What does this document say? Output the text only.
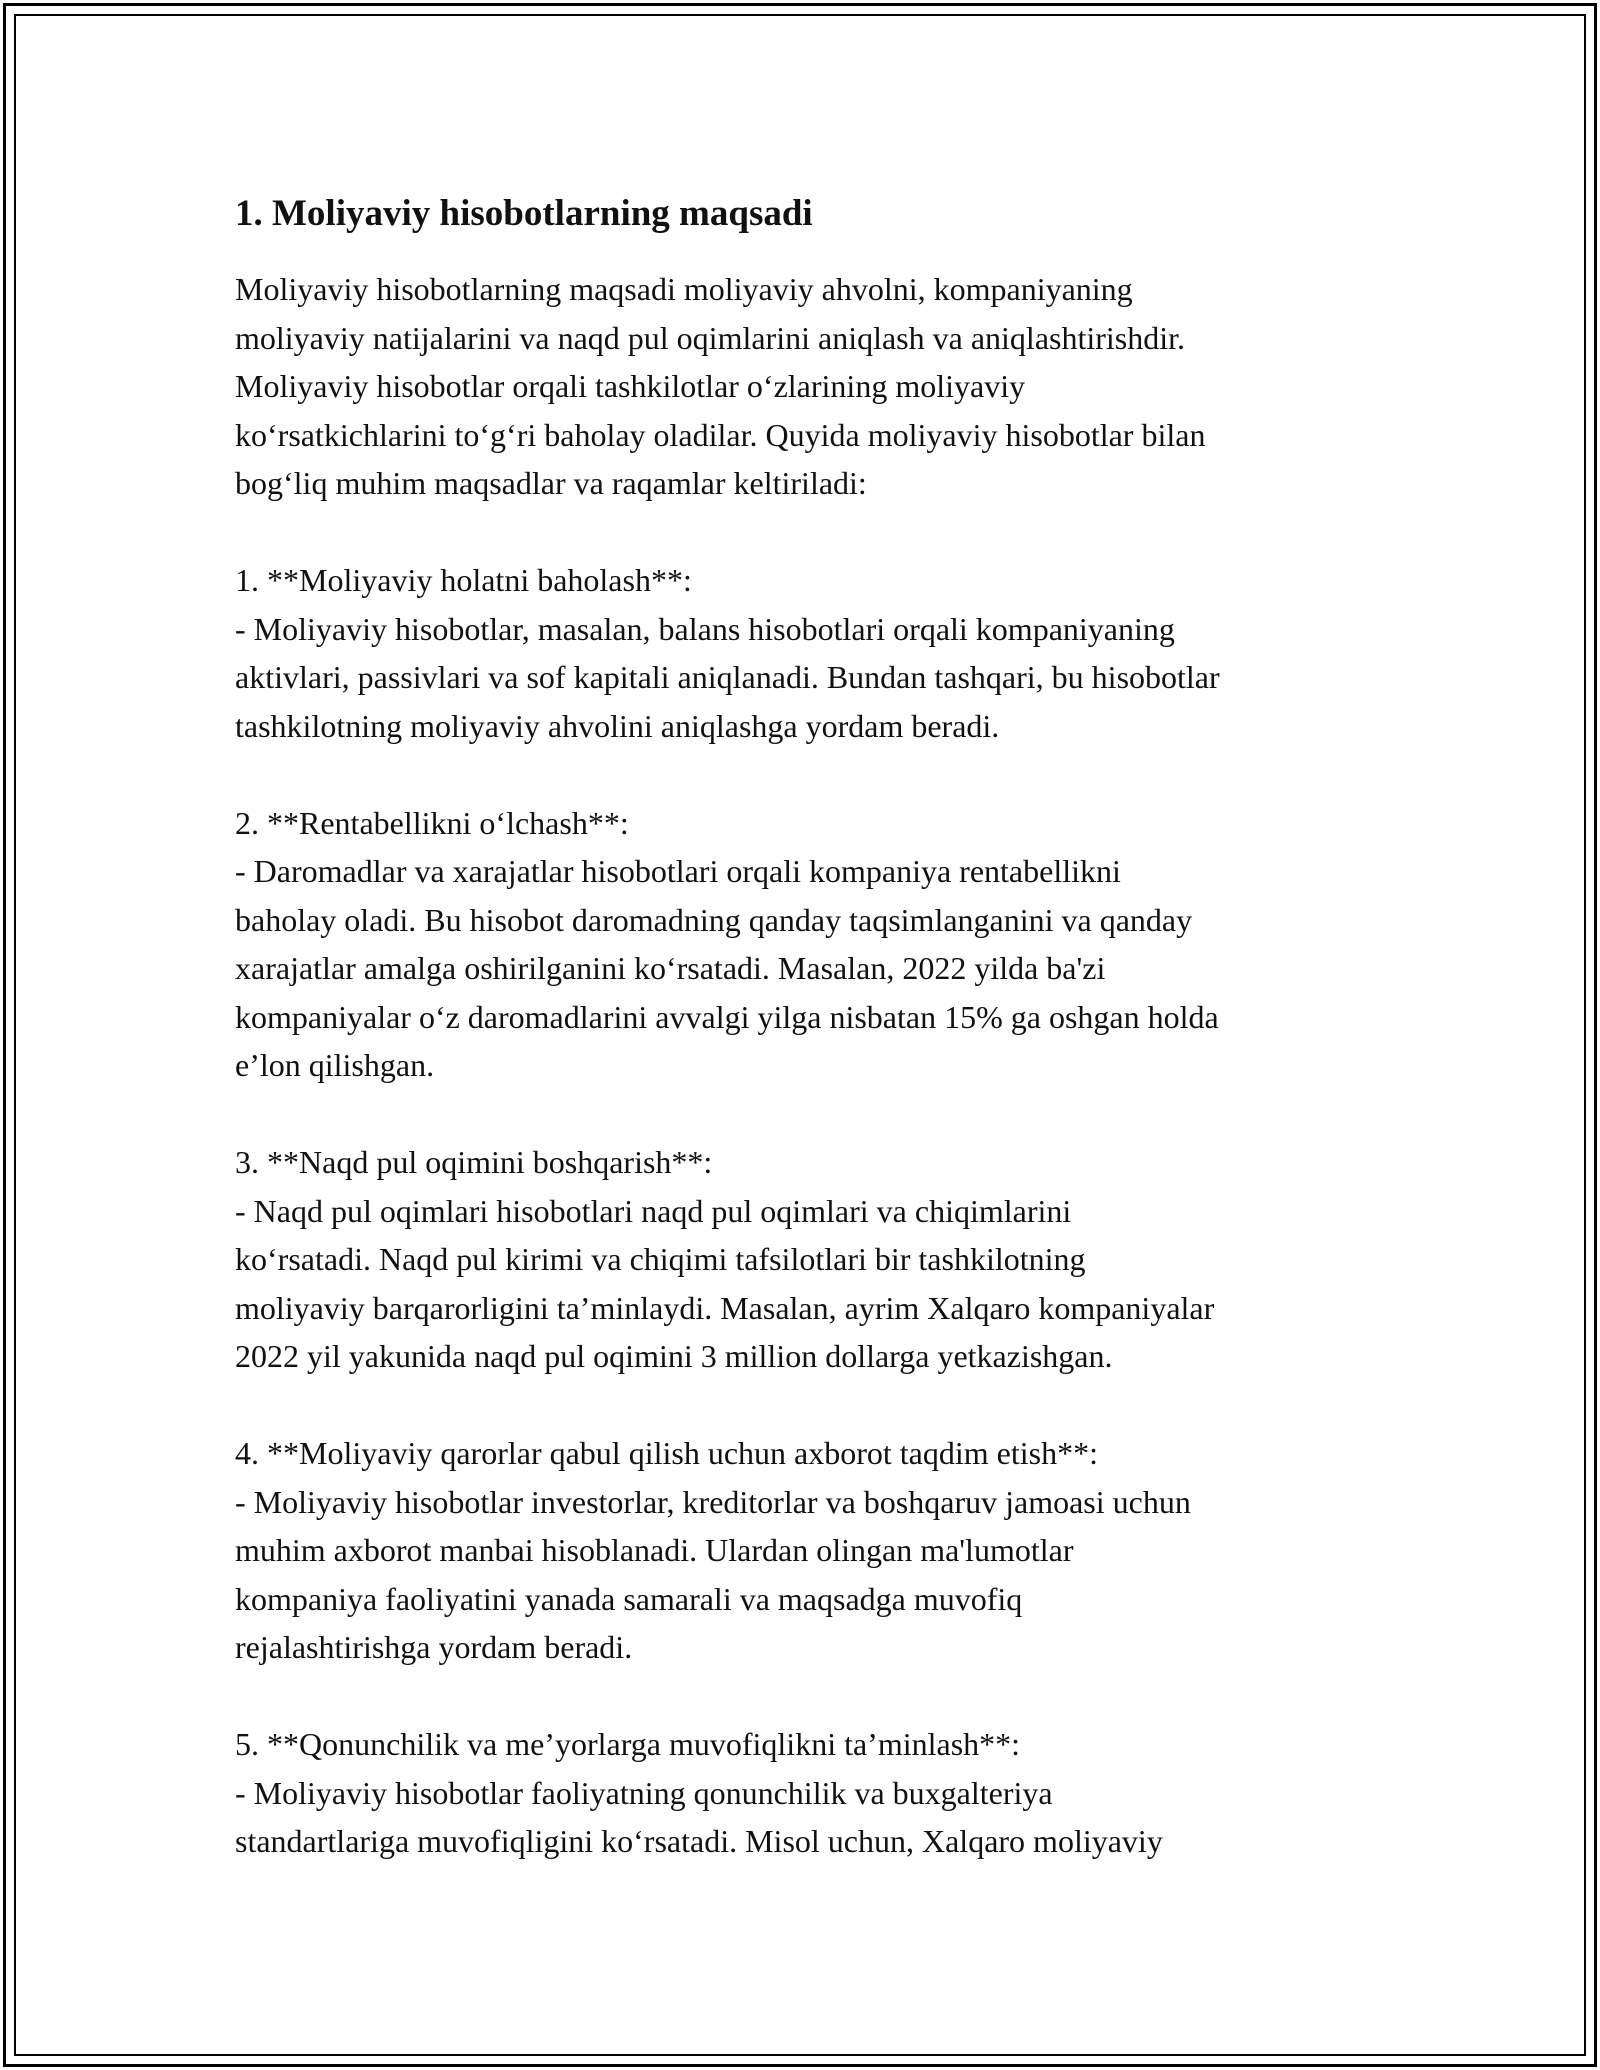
1. Moliyaviy hisobotlarning maqsadi

Moliyaviy hisobotlarning maqsadi moliyaviy ahvolni, kompaniyaning
moliyaviy natijalarini va naqd pul oqimlarini aniqlash va aniqlashtirishdir.
Moliyaviy hisobotlar orqali tashkilotlar o‘zlarining moliyaviy
ko‘rsatkichlarini to‘g‘ri baholay oladilar. Quyida moliyaviy hisobotlar bilan
bog‘liq muhim maqsadlar va raqamlar keltiriladi:

1. **Moliyaviy holatni baholash**:

- Moliyaviy hisobotlar, masalan, balans hisobotlari orqali kompaniyaning
aktivlari, passivlari va sof kapitali aniqlanadi. Bundan tashqari, bu hisobotlar
tashkilotning moliyaviy ahvolini aniqlashga yordam beradi.

2. **Rentabellikni o‘lchash**:

- Daromadlar va xarajatlar hisobotlari orqali kompaniya rentabellikni
baholay oladi. Bu hisobot daromadning qanday taqsimlanganini va qanday
xarajatlar amalga oshirilganini ko‘rsatadi. Masalan, 2022 yilda ba'zi
kompaniyalar o‘z daromadlarini avvalgi yilga nisbatan 15% ga oshgan holda
e’lon qilishgan.

3. **Naqd pul oqimini boshqarish**:

- Naqd pul oqimlari hisobotlari naqd pul oqimlari va chiqimlarini
ko‘rsatadi. Naqd pul kirimi va chiqimi tafsilotlari bir tashkilotning
moliyaviy barqarorligini ta’minlaydi. Masalan, ayrim Xalqaro kompaniyalar
2022 yil yakunida naqd pul oqimini 3 million dollarga yetkazishgan.

4. **Moliyaviy qarorlar qabul qilish uchun axborot taqdim etish**:

- Moliyaviy hisobotlar investorlar, kreditorlar va boshqaruv jamoasi uchun
muhim axborot manbai hisoblanadi. Ulardan olingan ma'lumotlar
kompaniya faoliyatini yanada samarali va maqsadga muvofiq
rejalashtirishga yordam beradi.

5. **Qonunchilik va me’yorlarga muvofiqlikni ta’minlash**:

- Moliyaviy hisobotlar faoliyatning qonunchilik va buxgalteriya
standartlariga muvofiqligini ko‘rsatadi. Misol uchun, Xalqaro moliyaviy
